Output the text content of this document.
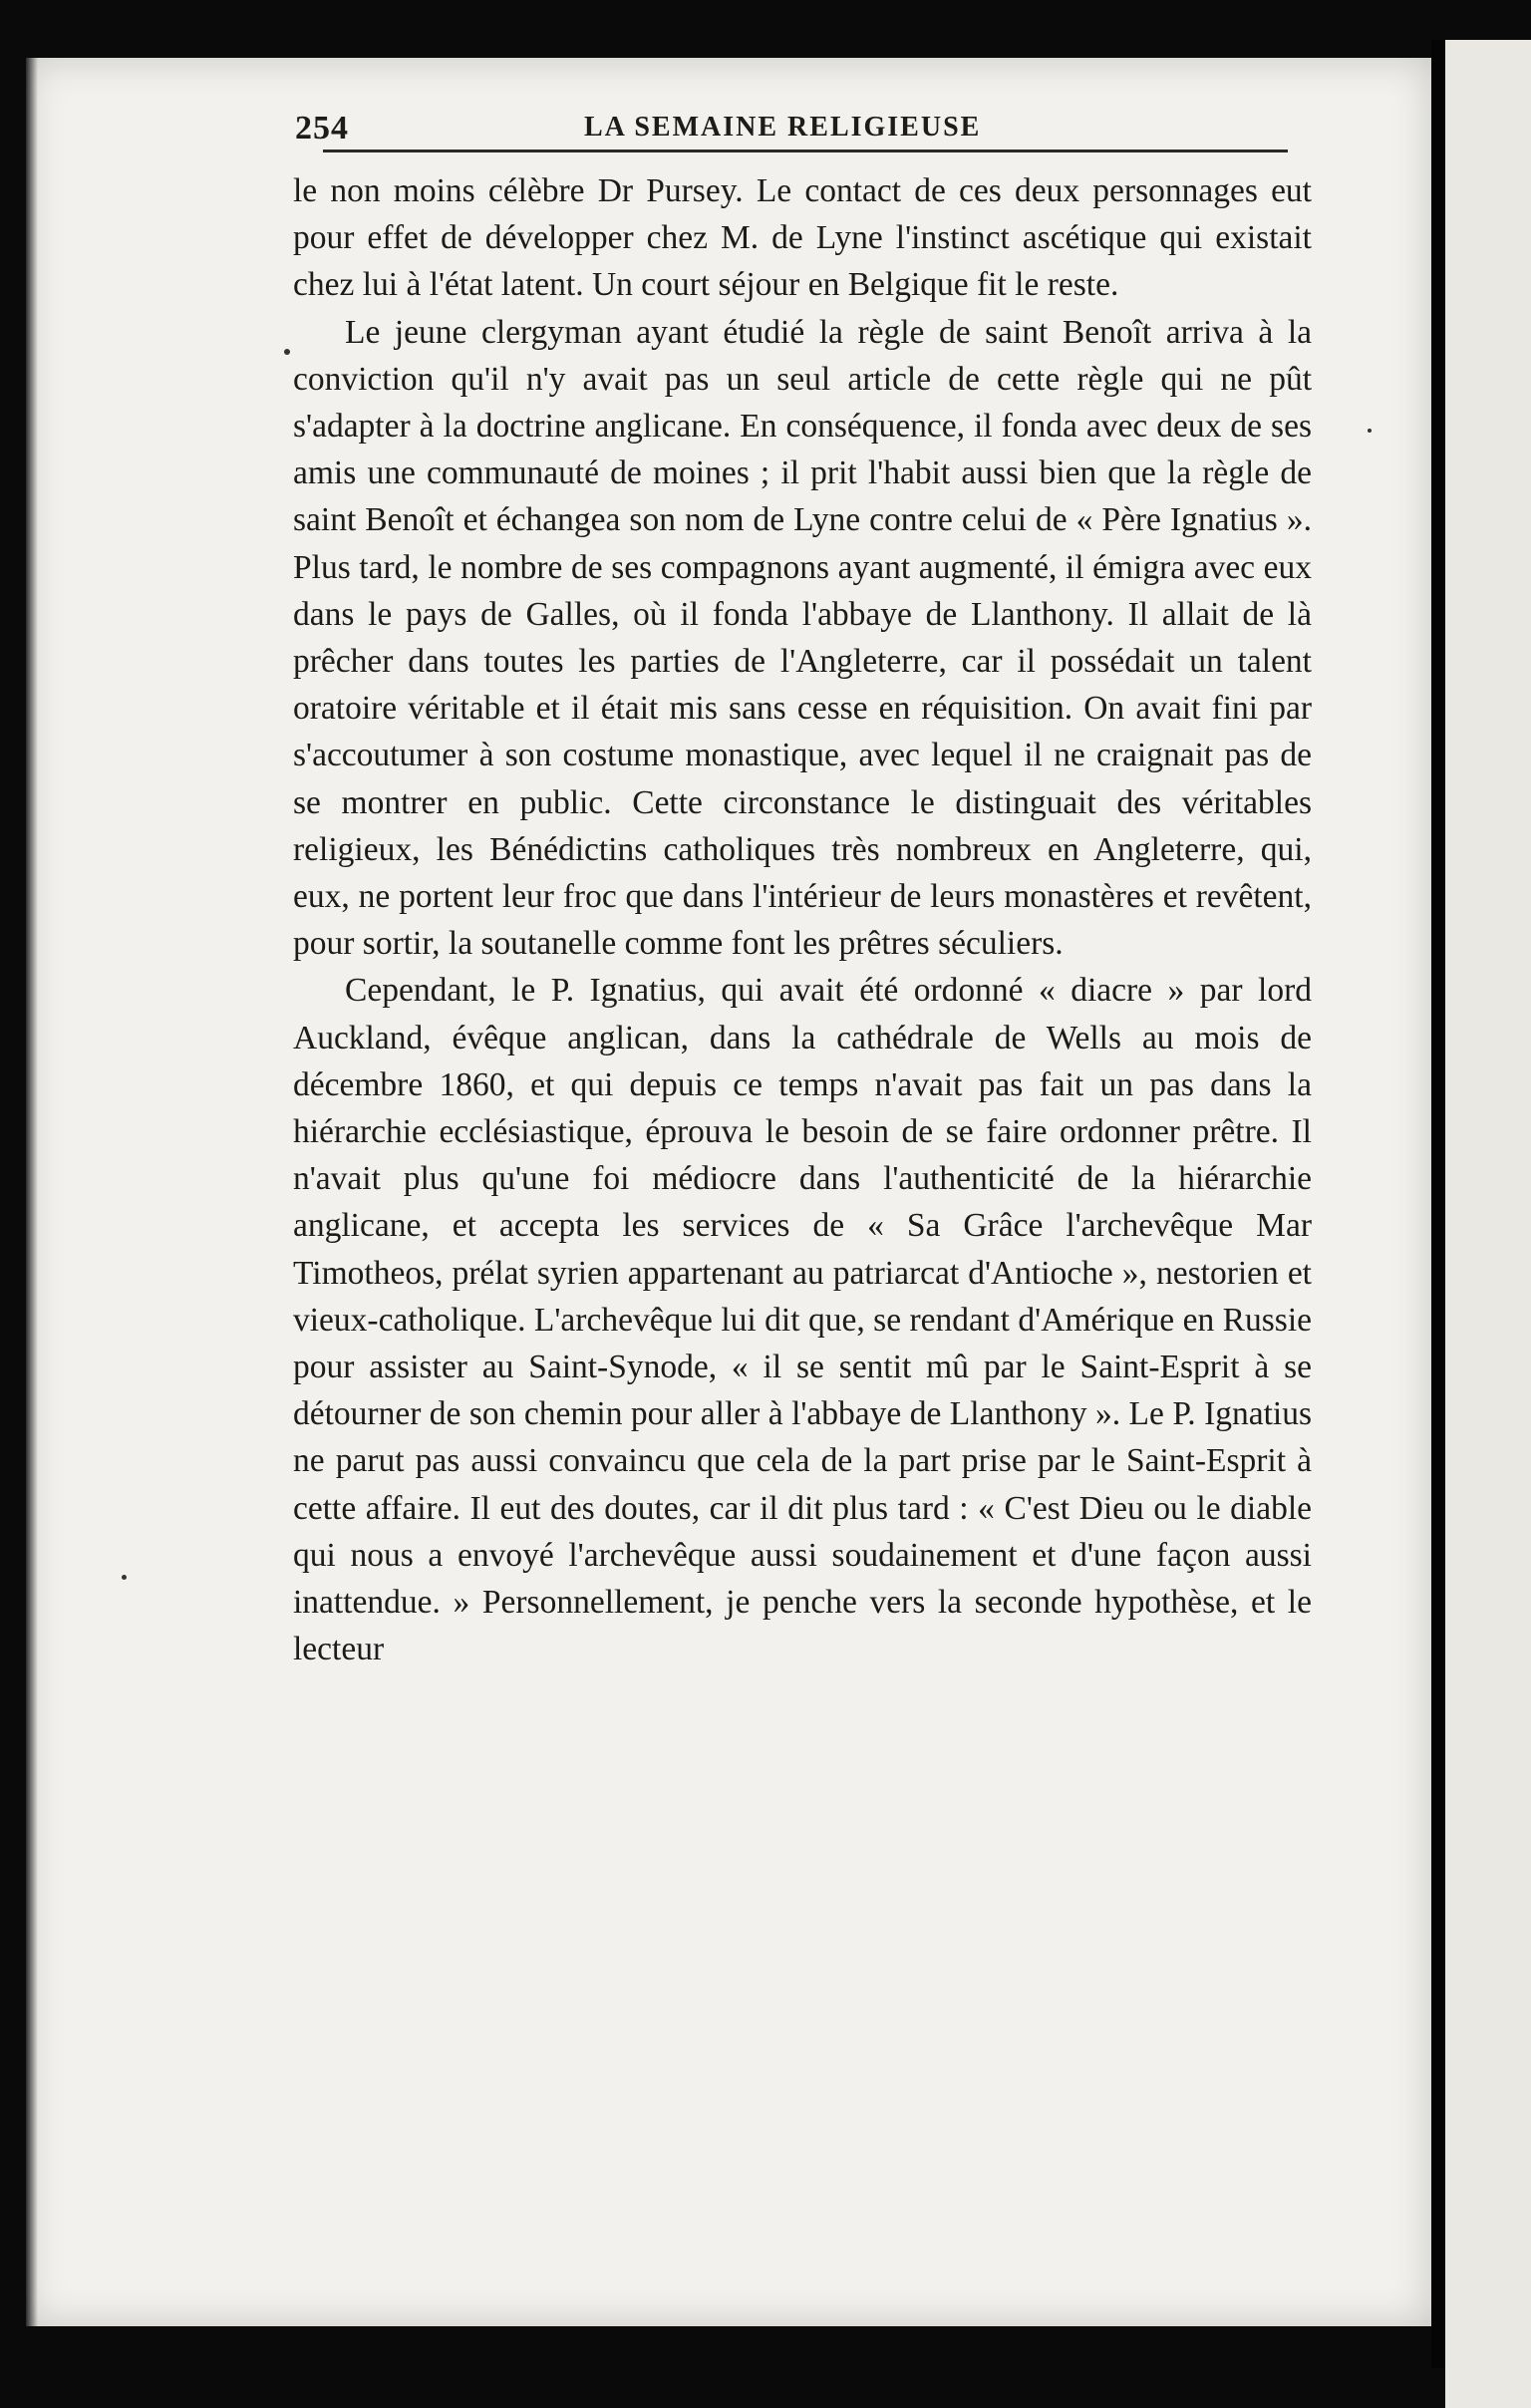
254	LA SEMAINE RELIGIEUSE

le non moins célèbre Dr Pursey. Le contact de ces deux personnages eut pour effet de développer chez M. de Lyne l'instinct ascétique qui existait chez lui à l'état latent. Un court séjour en Belgique fit le reste.

Le jeune clergyman ayant étudié la règle de saint Benoît arriva à la conviction qu'il n'y avait pas un seul article de cette règle qui ne pût s'adapter à la doctrine anglicane. En conséquence, il fonda avec deux de ses amis une communauté de moines ; il prit l'habit aussi bien que la règle de saint Benoît et échangea son nom de Lyne contre celui de « Père Ignatius ». Plus tard, le nombre de ses compagnons ayant augmenté, il émigra avec eux dans le pays de Galles, où il fonda l'abbaye de Llanthony. Il allait de là prêcher dans toutes les parties de l'Angleterre, car il possédait un talent oratoire véritable et il était mis sans cesse en réquisition. On avait fini par s'accoutumer à son costume monastique, avec lequel il ne craignait pas de se montrer en public. Cette circonstance le distinguait des véritables religieux, les Bénédictins catholiques très nombreux en Angleterre, qui, eux, ne portent leur froc que dans l'intérieur de leurs monastères et revêtent, pour sortir, la soutanelle comme font les prêtres séculiers.

Cependant, le P. Ignatius, qui avait été ordonné « diacre » par lord Auckland, évêque anglican, dans la cathédrale de Wells au mois de décembre 1860, et qui depuis ce temps n'avait pas fait un pas dans la hiérarchie ecclésiastique, éprouva le besoin de se faire ordonner prêtre. Il n'avait plus qu'une foi médiocre dans l'authenticité de la hiérarchie anglicane, et accepta les services de « Sa Grâce l'archevêque Mar Timotheos, prélat syrien appartenant au patriarcat d'Antioche », nestorien et vieux-catholique. L'archevêque lui dit que, se rendant d'Amérique en Russie pour assister au Saint-Synode, « il se sentit mû par le Saint-Esprit à se détourner de son chemin pour aller à l'abbaye de Llanthony ». Le P. Ignatius ne parut pas aussi convaincu que cela de la part prise par le Saint-Esprit à cette affaire. Il eut des doutes, car il dit plus tard : « C'est Dieu ou le diable qui nous a envoyé l'archevêque aussi soudainement et d'une façon aussi inattendue. » Personnellement, je penche vers la seconde hypothèse, et le lecteur
